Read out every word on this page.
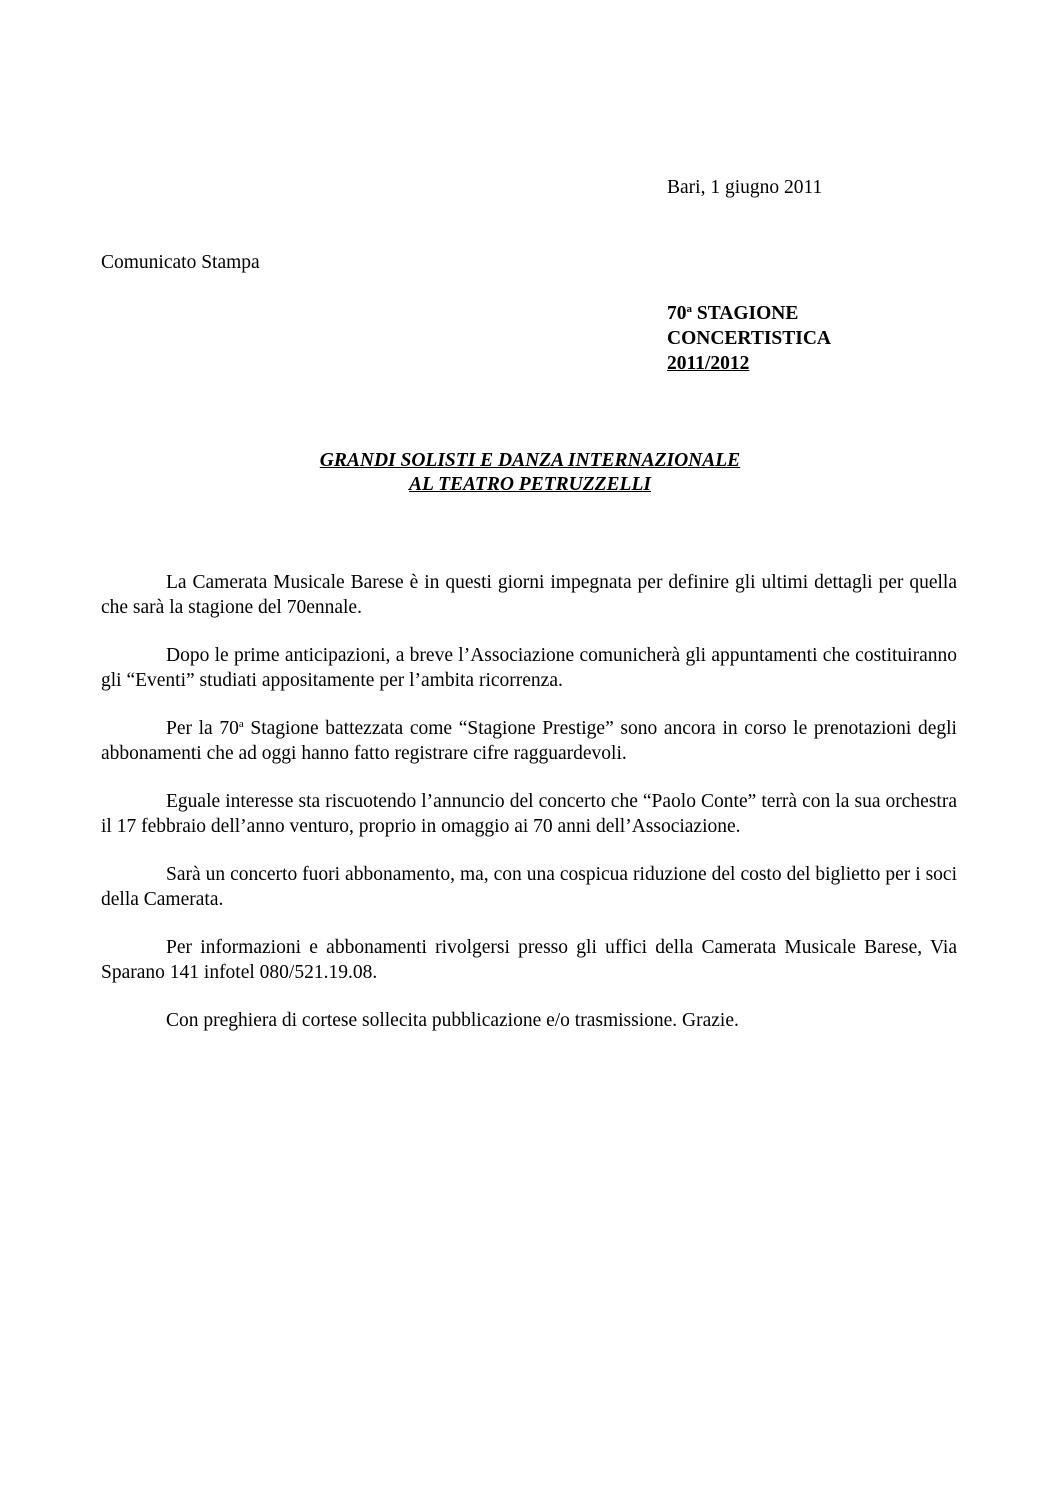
Bari, 1 giugno 2011
Comunicato Stampa
70$^a$ STAGIONE
CONCERTISTICA
2011/2012
GRANDI SOLISTI E DANZA INTERNAZIONALE
AL TEATRO PETRUZZELLI

La Camerata Musicale Barese è in questi giorni impegnata per definire gli ultimi dettagli per quella che sarà la stagione del 70ennale.

Dopo le prime anticipazioni, a breve l’Associazione comunicherà gli appuntamenti che costituiranno gli “Eventi” studiati appositamente per l’ambita ricorrenza.

Per la 70$^a$ Stagione battezzata come “Stagione Prestige” sono ancora in corso le prenotazioni degli abbonamenti che ad oggi hanno fatto registrare cifre ragguardevoli.

Eguale interesse sta riscuotendo l’annuncio del concerto che “Paolo Conte” terrà con la sua orchestra il 17 febbraio dell’anno venturo, proprio in omaggio ai 70 anni dell’Associazione.

Sarà un concerto fuori abbonamento, ma, con una cospicua riduzione del costo del biglietto per i soci della Camerata.

Per informazioni e abbonamenti rivolgersi presso gli uffici della Camerata Musicale Barese, Via Sparano 141 infotel 080/521.19.08.

Con preghiera di cortese sollecita pubblicazione e/o trasmissione. Grazie.
